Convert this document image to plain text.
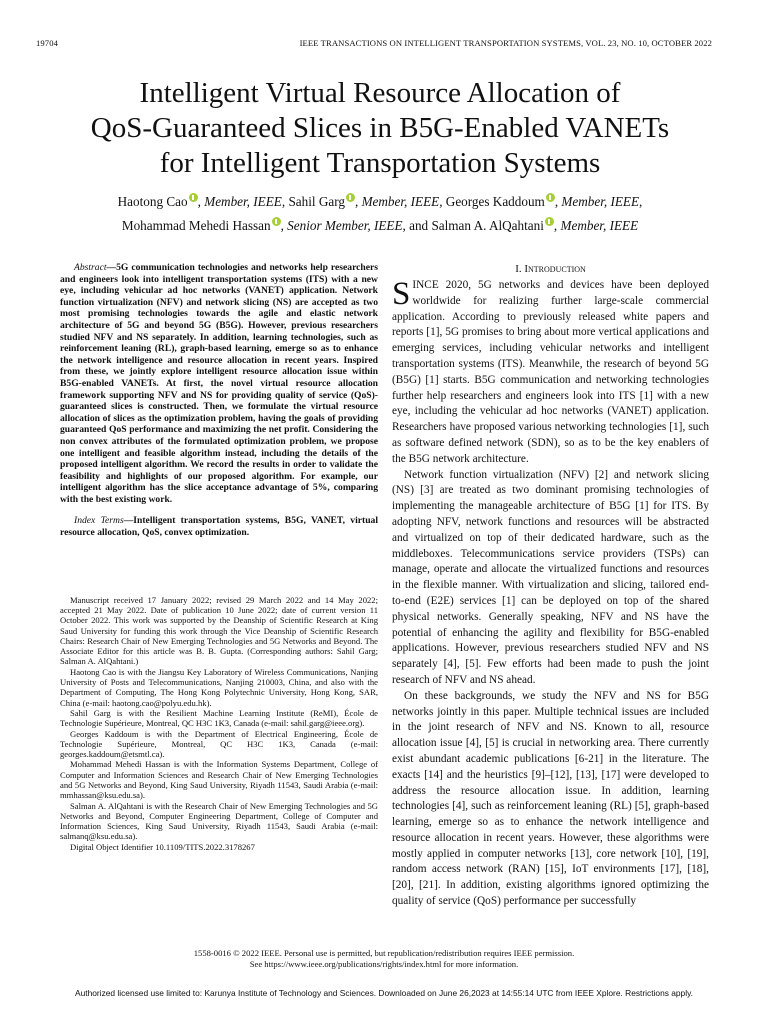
19704	IEEE TRANSACTIONS ON INTELLIGENT TRANSPORTATION SYSTEMS, VOL. 23, NO. 10, OCTOBER 2022
Intelligent Virtual Resource Allocation of
QoS-Guaranteed Slices in B5G-Enabled VANETs
for Intelligent Transportation Systems
Haotong Cao , Member, IEEE, Sahil Garg , Member, IEEE, Georges Kaddoum , Member, IEEE,
Mohammad Mehedi Hassan , Senior Member, IEEE, and Salman A. AlQahtani , Member, IEEE

Abstract—5G communication technologies and networks help researchers and engineers look into intelligent transportation systems (ITS) with a new eye, including vehicular ad hoc networks (VANET) application. Network function virtualization (NFV) and network slicing (NS) are accepted as two most promising technologies towards the agile and elastic network architecture of 5G and beyond 5G (B5G). However, previous researchers studied NFV and NS separately. In addition, learning technologies, such as reinforcement leaning (RL), graph-based learning, emerge so as to enhance the network intelligence and resource allocation in recent years. Inspired from these, we jointly explore intelligent resource allocation issue within B5G-enabled VANETs. At first, the novel virtual resource allocation framework supporting NFV and NS for providing quality of service (QoS)-guaranteed slices is constructed. Then, we formulate the virtual resource allocation of slices as the optimization problem, having the goals of providing guaranteed QoS performance and maximizing the net profit. Considering the non convex attributes of the formulated optimization problem, we propose one intelligent and feasible algorithm instead, including the details of the proposed intelligent algorithm. We record the results in order to validate the feasibility and highlights of our proposed algorithm. For example, our intelligent algorithm has the slice acceptance advantage of 5%, comparing with the best existing work.

Index Terms—Intelligent transportation systems, B5G, VANET, virtual resource allocation, QoS, convex optimization.

Manuscript received 17 January 2022; revised 29 March 2022 and 14 May 2022; accepted 21 May 2022. Date of publication 10 June 2022; date of current version 11 October 2022. This work was supported by the Deanship of Scientific Research at King Saud University for funding this work through the Vice Deanship of Scientific Research Chairs: Research Chair of New Emerging Technologies and 5G Networks and Beyond. The Associate Editor for this article was B. B. Gupta. (Corresponding authors: Sahil Garg; Salman A. AlQahtani.)

Haotong Cao is with the Jiangsu Key Laboratory of Wireless Communications, Nanjing University of Posts and Telecommunications, Nanjing 210003, China, and also with the Department of Computing, The Hong Kong Polytechnic University, Hong Kong, SAR, China (e-mail: haotong.cao@polyu.edu.hk).

Sahil Garg is with the Resilient Machine Learning Institute (ReMI), École de Technologie Supérieure, Montreal, QC H3C 1K3, Canada (e-mail: sahil.garg@ieee.org).

Georges Kaddoum is with the Department of Electrical Engineering, École de Technologie Supérieure, Montreal, QC H3C 1K3, Canada (e-mail: georges.kaddoum@etsmtl.ca).

Mohammad Mehedi Hassan is with the Information Systems Department, College of Computer and Information Sciences and Research Chair of New Emerging Technologies and 5G Networks and Beyond, King Saud University, Riyadh 11543, Saudi Arabia (e-mail: mmhassan@ksu.edu.sa).

Salman A. AlQahtani is with the Research Chair of New Emerging Technologies and 5G Networks and Beyond, Computer Engineering Department, College of Computer and Information Sciences, King Saud University, Riyadh 11543, Saudi Arabia (e-mail: salmanq@ksu.edu.sa).

Digital Object Identifier 10.1109/TITS.2022.3178267

I. Introduction

SINCE 2020, 5G networks and devices have been deployed worldwide for realizing further large-scale commercial application. According to previously released white papers and reports [1], 5G promises to bring about more vertical applications and emerging services, including vehicular networks and intelligent transportation systems (ITS). Meanwhile, the research of beyond 5G (B5G) [1] starts. B5G communication and networking technologies further help researchers and engineers look into ITS [1] with a new eye, including the vehicular ad hoc networks (VANET) application. Researchers have proposed various networking technologies [1], such as software defined network (SDN), so as to be the key enablers of the B5G network architecture.

Network function virtualization (NFV) [2] and network slicing (NS) [3] are treated as two dominant promising technologies of implementing the manageable architecture of B5G [1] for ITS. By adopting NFV, network functions and resources will be abstracted and virtualized on top of their dedicated hardware, such as the middleboxes. Telecommunications service providers (TSPs) can manage, operate and allocate the virtualized functions and resources in the flexible manner. With virtualization and slicing, tailored end-to-end (E2E) services [1] can be deployed on top of the shared physical networks. Generally speaking, NFV and NS have the potential of enhancing the agility and flexibility for B5G-enabled applications. However, previous researchers studied NFV and NS separately [4], [5]. Few efforts had been made to push the joint research of NFV and NS ahead.

On these backgrounds, we study the NFV and NS for B5G networks jointly in this paper. Multiple technical issues are included in the joint research of NFV and NS. Known to all, resource allocation issue [4], [5] is crucial in networking area. There currently exist abundant academic publications [6-21] in the literature. The exacts [14] and the heuristics [9]–[12], [13], [17] were developed to address the resource allocation issue. In addition, learning technologies [4], such as reinforcement leaning (RL) [5], graph-based learning, emerge so as to enhance the network intelligence and resource allocation in recent years. However, these algorithms were mostly applied in computer networks [13], core network [10], [19], random access network (RAN) [15], IoT environments [17], [18], [20], [21]. In addition, existing algorithms ignored optimizing the quality of service (QoS) performance per successfully

1558-0016 © 2022 IEEE. Personal use is permitted, but republication/redistribution requires IEEE permission.
See https://www.ieee.org/publications/rights/index.html for more information.
Authorized licensed use limited to: Karunya Institute of Technology and Sciences. Downloaded on June 26,2023 at 14:55:14 UTC from IEEE Xplore. Restrictions apply.
